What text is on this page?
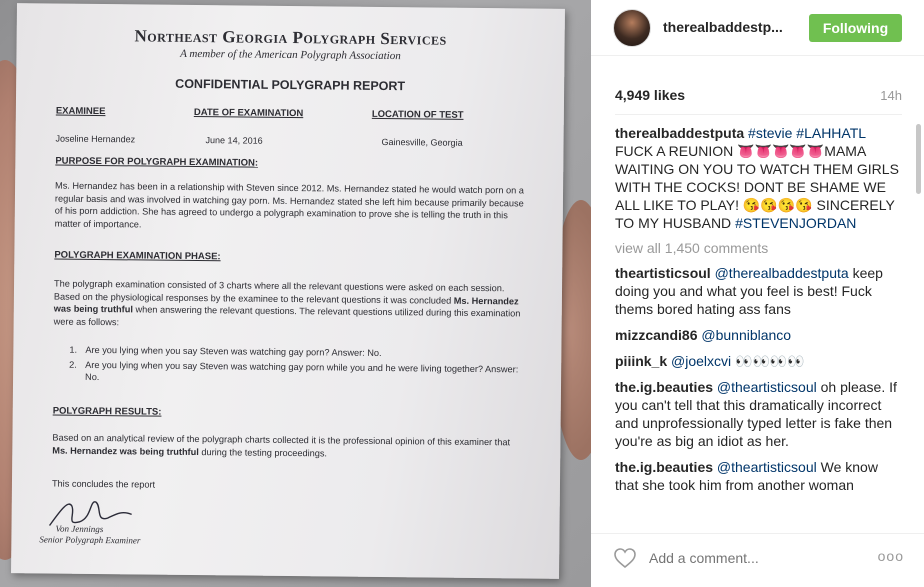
Northeast Georgia Polygraph Services
A member of the American Polygraph Association
CONFIDENTIAL POLYGRAPH REPORT
EXAMINEE	DATE OF EXAMINATION	LOCATION OF TEST
Joseline Hernandez	June 14, 2016	Gainesville, Georgia
PURPOSE FOR POLYGRAPH EXAMINATION:
Ms. Hernandez has been in a relationship with Steven since 2012. Ms. Hernandez stated he would watch porn on a regular basis and was involved in watching gay porn. Ms. Hernandez stated she left him because primarily because of his porn addiction. She has agreed to undergo a polygraph examination to prove she is telling the truth in this matter of importance.
POLYGRAPH EXAMINATION PHASE:
The polygraph examination consisted of 3 charts where all the relevant questions were asked on each session. Based on the physiological responses by the examinee to the relevant questions it was concluded Ms. Hernandez was being truthful when answering the relevant questions. The relevant questions utilized during this examination were as follows:
1. Are you lying when you say Steven was watching gay porn? Answer: No.
2. Are you lying when you say Steven was watching gay porn while you and he were living together? Answer: No.
POLYGRAPH RESULTS:
Based on an analytical review of the polygraph charts collected it is the professional opinion of this examiner that Ms. Hernandez was being truthful during the testing proceedings.
This concludes the report
Von Jennings
Senior Polygraph Examiner
therealbaddestp...	Following
4,949 likes	14h
therealbaddestputa #stevie #LAHHATL FUCK A REUNION 👅👅👅👅👅MAMA WAITING ON YOU TO WATCH THEM GIRLS WITH THE COCKS! DONT BE SHAME WE ALL LIKE TO PLAY! 😘😘😘😘 SINCERELY TO MY HUSBAND #STEVENJORDAN
view all 1,450 comments
theartisticsoul @therealbaddestputa keep doing you and what you feel is best! Fuck thems bored hating ass fans
mizzcandi86 @bunniblanco
piiink_k @joelxcvi 👀👀👀👀
the.ig.beauties @theartisticsoul oh please. If you can't tell that this dramatically incorrect and unprofessionally typed letter is fake then you're as big an idiot as her.
the.ig.beauties @theartisticsoul We know that she took him from another woman
Add a comment...
ooo
